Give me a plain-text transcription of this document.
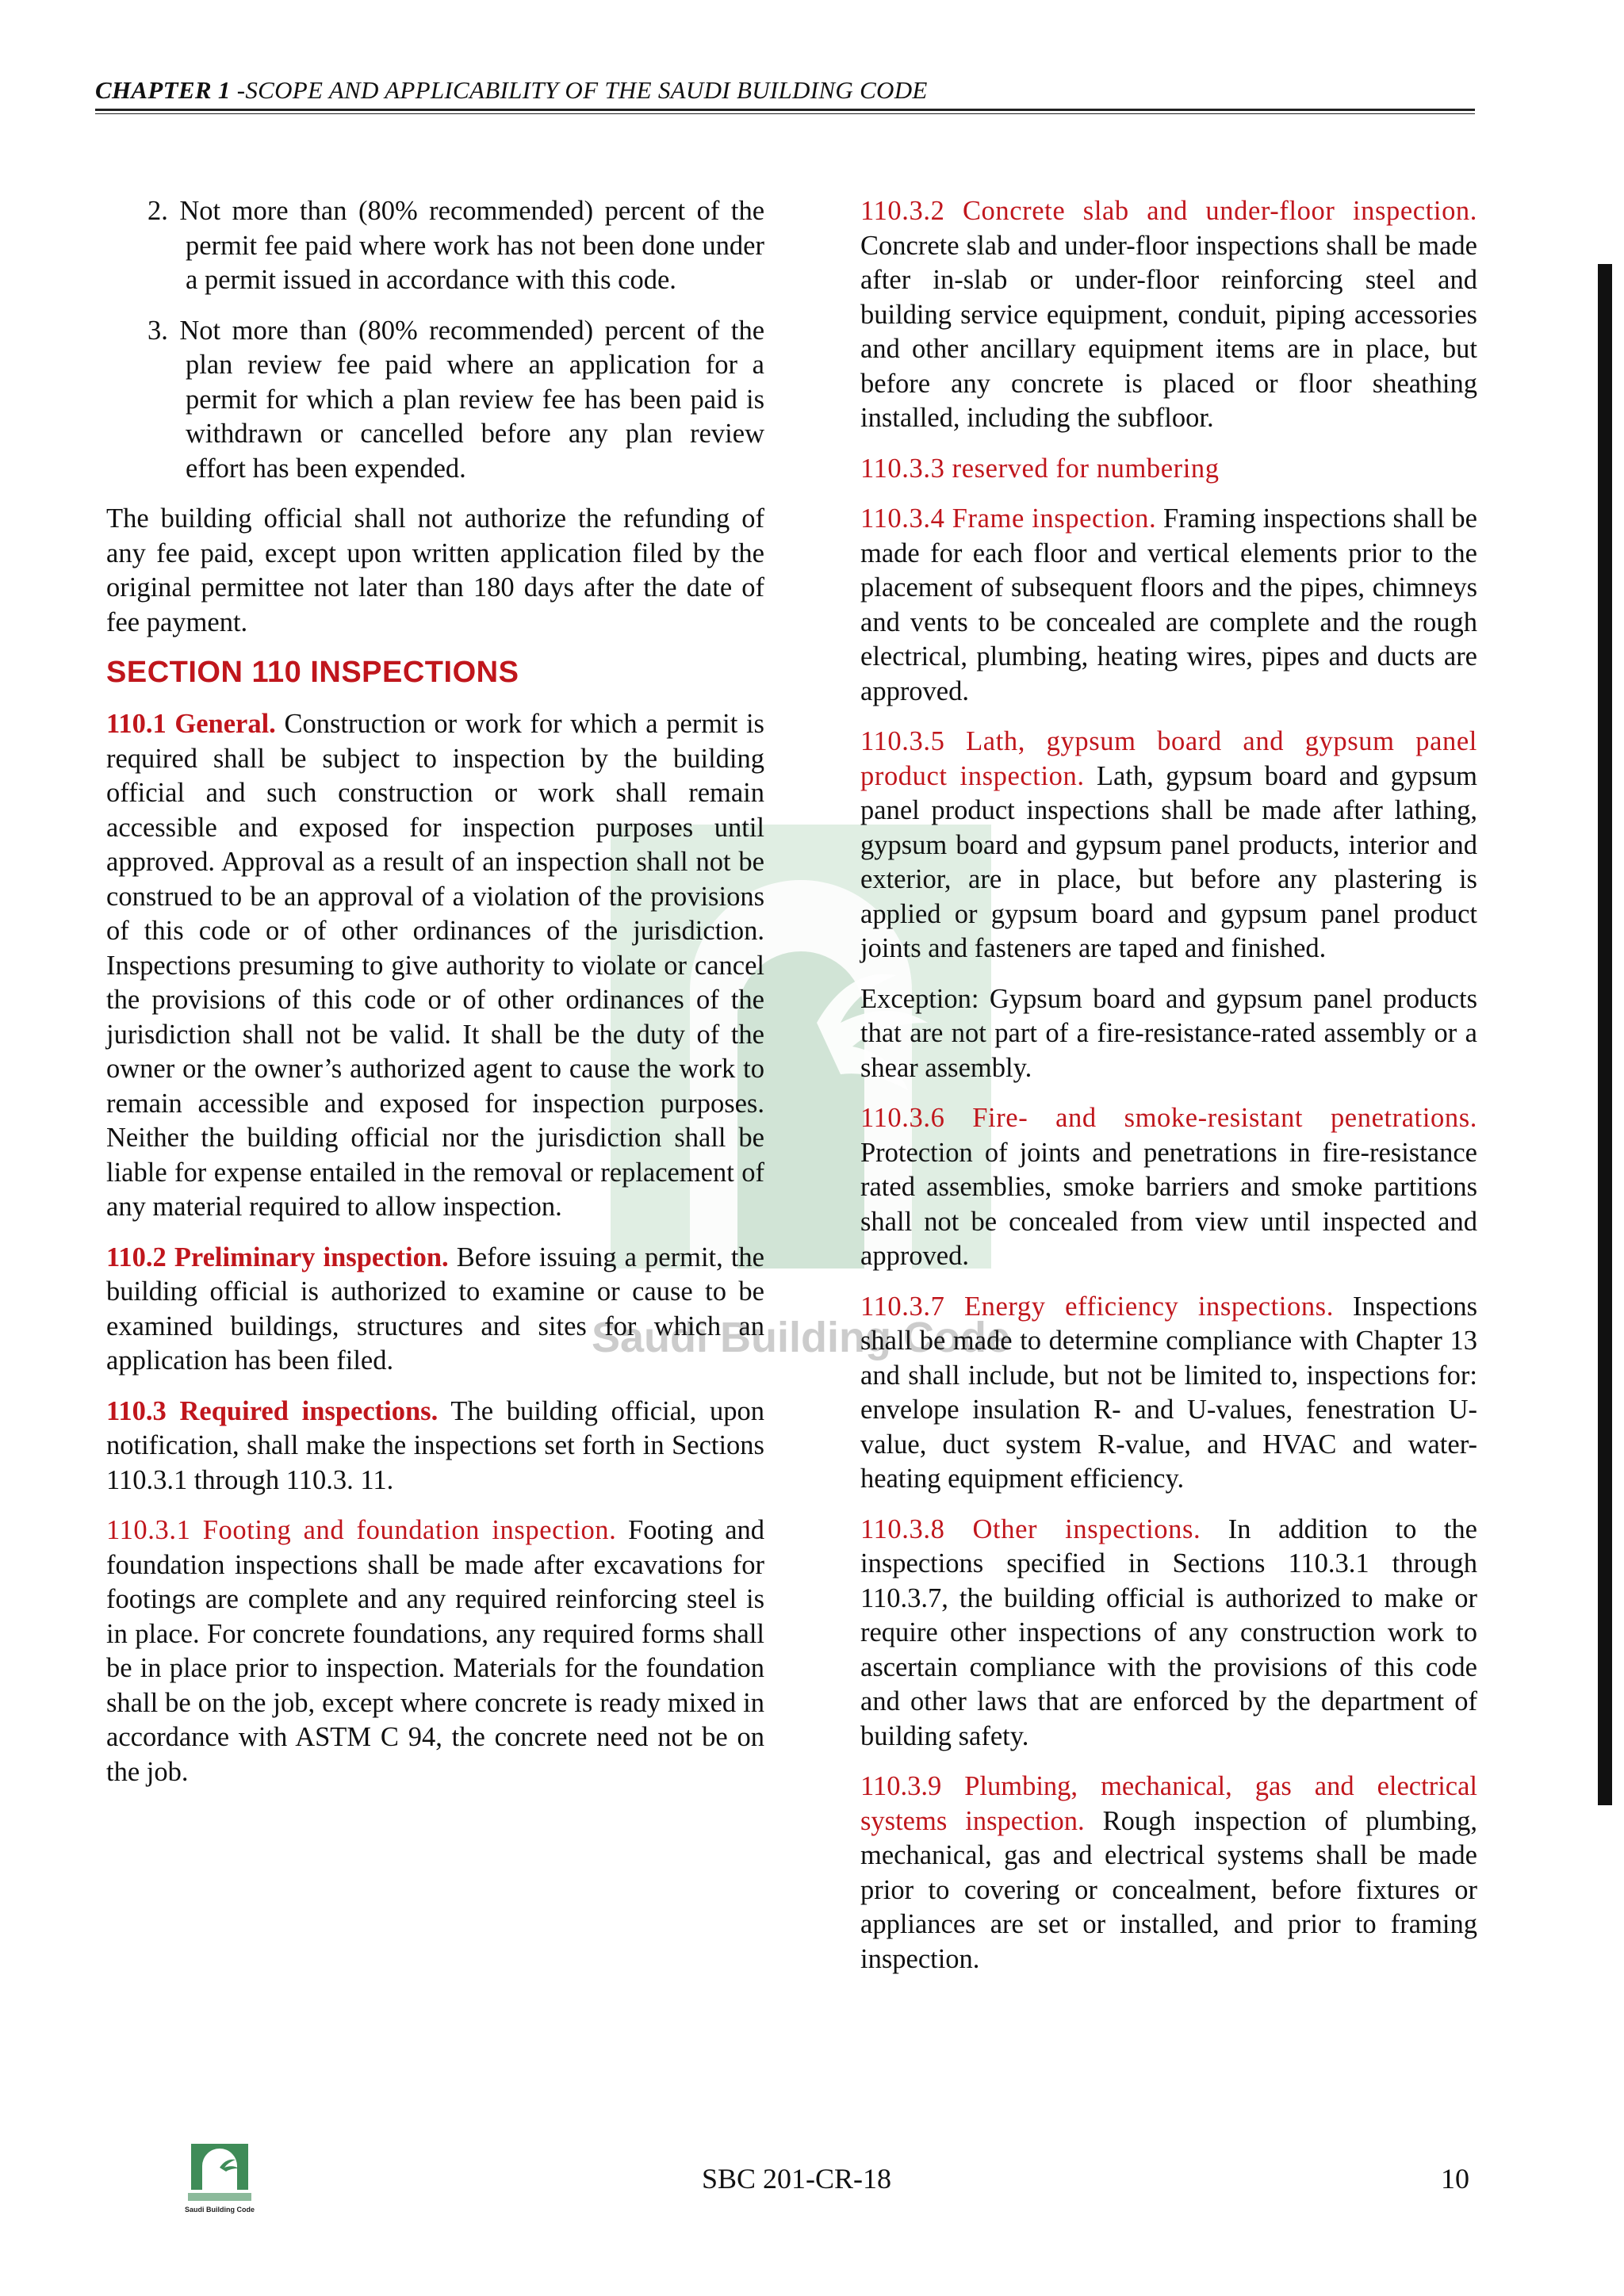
CHAPTER 1 -SCOPE AND APPLICABILITY OF THE SAUDI BUILDING CODE
Saudi Building Code
2. Not more than (80% recommended) percent of the permit fee paid where work has not been done under a permit issued in accordance with this code.
3. Not more than (80% recommended) percent of the plan review fee paid where an application for a permit for which a plan review fee has been paid is withdrawn or cancelled before any plan review effort has been expended.
The building official shall not authorize the refunding of any fee paid, except upon written application filed by the original permittee not later than 180 days after the date of fee payment.
SECTION 110 INSPECTIONS
110.1 General. Construction or work for which a permit is required shall be subject to inspection by the building official and such construction or work shall remain accessible and exposed for inspection purposes until approved. Approval as a result of an inspection shall not be construed to be an approval of a violation of the provisions of this code or of other ordinances of the jurisdiction. Inspections presuming to give authority to violate or cancel the provisions of this code or of other ordinances of the jurisdiction shall not be valid. It shall be the duty of the owner or the owner’s authorized agent to cause the work to remain accessible and exposed for inspection purposes. Neither the building official nor the jurisdiction shall be liable for expense entailed in the removal or replacement of any material required to allow inspection.
110.2 Preliminary inspection. Before issuing a permit, the building official is authorized to examine or cause to be examined buildings, structures and sites for which an application has been filed.
110.3 Required inspections. The building official, upon notification, shall make the inspections set forth in Sections 110.3.1 through 110.3. 11.
110.3.1 Footing and foundation inspection. Footing and foundation inspections shall be made after excavations for footings are complete and any required reinforcing steel is in place. For concrete foundations, any required forms shall be in place prior to inspection. Materials for the foundation shall be on the job, except where concrete is ready mixed in accordance with ASTM C 94, the concrete need not be on the job.
110.3.2 Concrete slab and under-floor inspection. Concrete slab and under-floor inspections shall be made after in-slab or under-floor reinforcing steel and building service equipment, conduit, piping accessories and other ancillary equipment items are in place, but before any concrete is placed or floor sheathing installed, including the subfloor.
110.3.3 reserved for numbering
110.3.4 Frame inspection. Framing inspections shall be made for each floor and vertical elements prior to the placement of subsequent floors and the pipes, chimneys and vents to be concealed are complete and the rough electrical, plumbing, heating wires, pipes and ducts are approved.
110.3.5 Lath, gypsum board and gypsum panel product inspection. Lath, gypsum board and gypsum panel product inspections shall be made after lathing, gypsum board and gypsum panel products, interior and exterior, are in place, but before any plastering is applied or gypsum board and gypsum panel product joints and fasteners are taped and finished.
Exception: Gypsum board and gypsum panel products that are not part of a fire-resistance-rated assembly or a shear assembly.
110.3.6 Fire- and smoke-resistant penetrations. Protection of joints and penetrations in fire-resistance rated assemblies, smoke barriers and smoke partitions shall not be concealed from view until inspected and approved.
110.3.7 Energy efficiency inspections. Inspections shall be made to determine compliance with Chapter 13 and shall include, but not be limited to, inspections for: envelope insulation R- and U-values, fenestration U-value, duct system R-value, and HVAC and water-heating equipment efficiency.
110.3.8 Other inspections. In addition to the inspections specified in Sections 110.3.1 through 110.3.7, the building official is authorized to make or require other inspections of any construction work to ascertain compliance with the provisions of this code and other laws that are enforced by the department of building safety.
110.3.9 Plumbing, mechanical, gas and electrical systems inspection. Rough inspection of plumbing, mechanical, gas and electrical systems shall be made prior to covering or concealment, before fixtures or appliances are set or installed, and prior to framing inspection.
Saudi Building Code
SBC 201-CR-18	10
